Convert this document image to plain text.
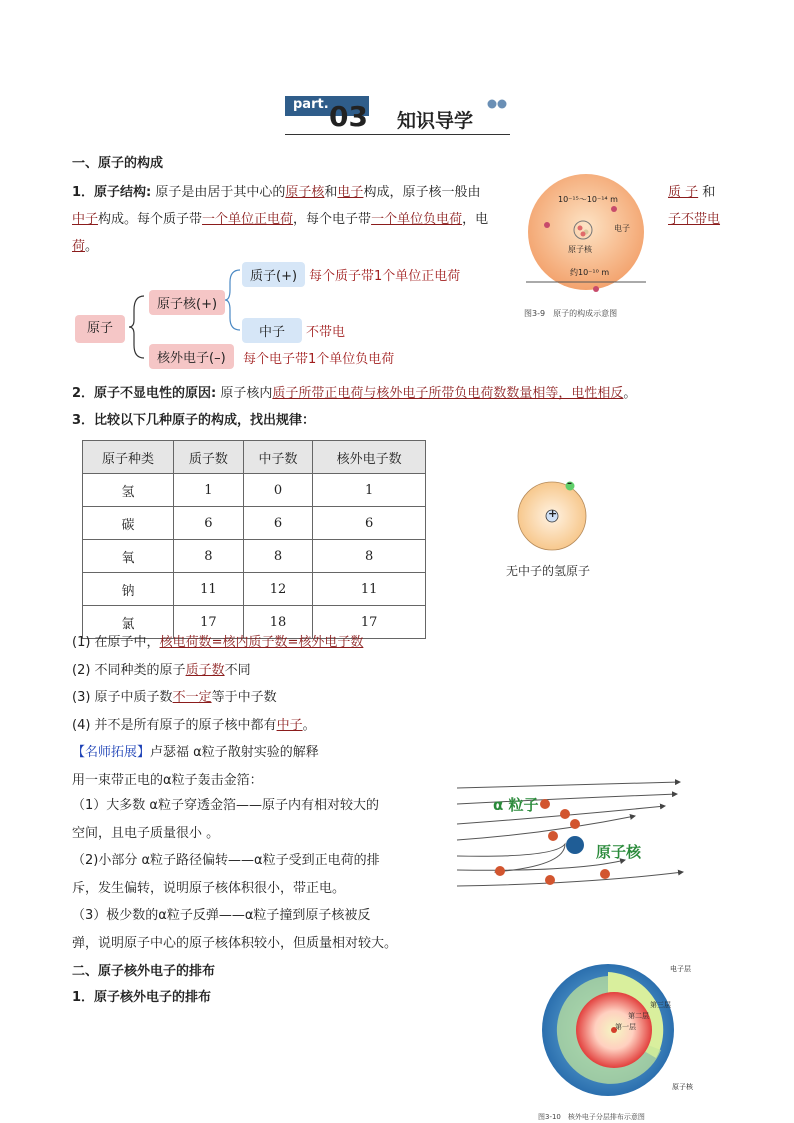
part. 03 知识导学
一、原子的构成
1．原子结构: 原子是由居于其中心的原子核和电子构成，原子核一般由
中子构成。每个质子带一个单位正电荷，每个电子带一个单位负电荷，电
荷。
质 子 和
子不带电
10⁻¹⁵～10⁻¹⁴ m
电子
原子核
约10⁻¹⁰ m
图3-9　原子的构成示意图
原子
原子核(+)
核外电子(–)
质子(+)
中子
每个质子带1个单位正电荷
不带电
每个电子带1个单位负电荷
2．原子不显电性的原因: 原子核内质子所带正电荷与核外电子所带负电荷数数量相等，电性相反。
3．比较以下几种原子的构成，找出规律：
原子种类	质子数	中子数	核外电子数
氢	1	0	1
碳	6	6	6
氧	8	8	8
钠	11	12	11
氯	17	18	17
+
–
无中子的氢原子
(1) 在原子中，核电荷数=核内质子数=核外电子数
(2) 不同种类的原子质子数不同
(3) 原子中质子数不一定等于中子数
(4) 并不是所有原子的原子核中都有中子。
【名师拓展】卢瑟福 α粒子散射实验的解释
用一束带正电的α粒子轰击金箔：
（1）大多数 α粒子穿透金箔——原子内有相对较大的
空间，且电子质量很小 。
（2)小部分 α粒子路径偏转——α粒子受到正电荷的排
斥，发生偏转，说明原子核体积很小，带正电。
（3）极少数的α粒子反弹——α粒子撞到原子核被反
弹，说明原子中心的原子核体积较小，但质量相对较大。
α 粒子
原子核
二、原子核外电子的排布
1．原子核外电子的排布
电子层
第三层
第二层
第一层
原子核
图3-10　核外电子分层排布示意图
